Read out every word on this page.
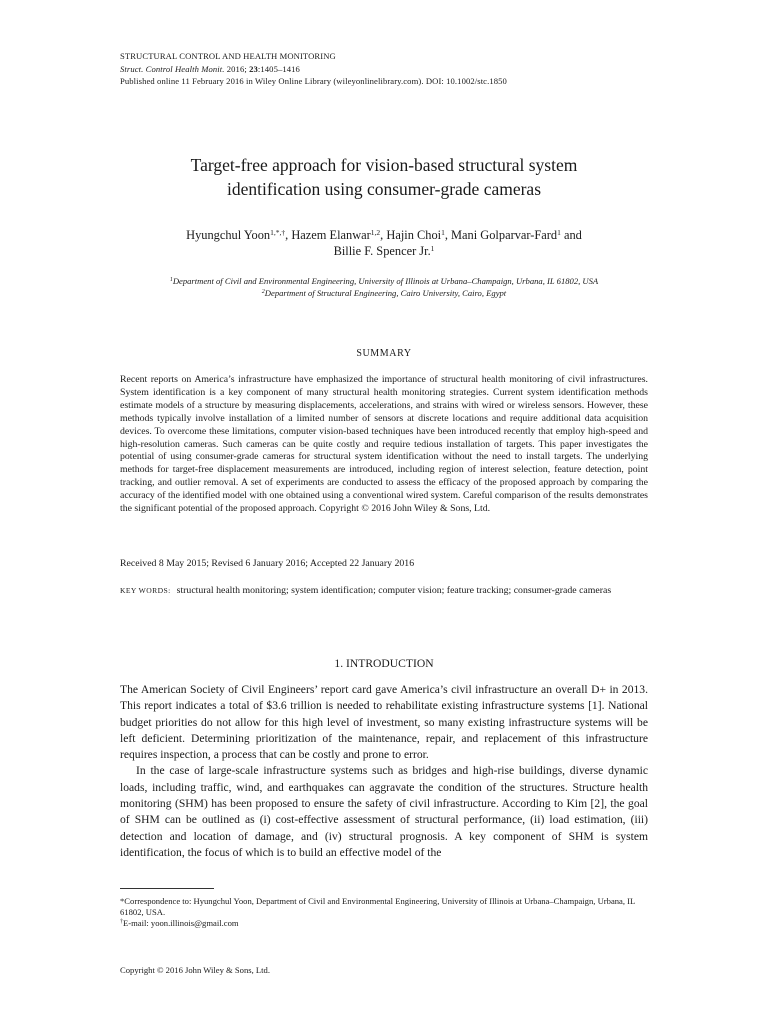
STRUCTURAL CONTROL AND HEALTH MONITORING
Struct. Control Health Monit. 2016; 23:1405–1416
Published online 11 February 2016 in Wiley Online Library (wileyonlinelibrary.com). DOI: 10.1002/stc.1850
Target-free approach for vision-based structural system
identification using consumer-grade cameras
Hyungchul Yoon$^{1,*,\dagger}$, Hazem Elanwar$^{1,2}$, Hajin Choi$^1$, Mani Golparvar-Fard$^1$ and
Billie F. Spencer Jr.$^1$
$^1$Department of Civil and Environmental Engineering, University of Illinois at Urbana–Champaign, Urbana, IL 61802, USA
$^2$Department of Structural Engineering, Cairo University, Cairo, Egypt
SUMMARY
Recent reports on America’s infrastructure have emphasized the importance of structural health monitoring of civil infrastructures. System identification is a key component of many structural health monitoring strategies. Current system identification methods estimate models of a structure by measuring displacements, accelerations, and strains with wired or wireless sensors. However, these methods typically involve installation of a limited number of sensors at discrete locations and require additional data acquisition devices. To overcome these limitations, computer vision-based techniques have been introduced recently that employ high-speed and high-resolution cameras. Such cameras can be quite costly and require tedious installation of targets. This paper investigates the potential of using consumer-grade cameras for structural system identification without the need to install targets. The underlying methods for target-free displacement measurements are introduced, including region of interest selection, feature detection, point tracking, and outlier removal. A set of experiments are conducted to assess the efficacy of the proposed approach by comparing the accuracy of the identified model with one obtained using a conventional wired system. Careful comparison of the results demonstrates the significant potential of the proposed approach. Copyright © 2016 John Wiley & Sons, Ltd.
Received 8 May 2015; Revised 6 January 2016; Accepted 22 January 2016
KEY WORDS: structural health monitoring; system identification; computer vision; feature tracking; consumer-grade cameras
1. INTRODUCTION

The American Society of Civil Engineers’ report card gave America’s civil infrastructure an overall D+ in 2013. This report indicates a total of $3.6 trillion is needed to rehabilitate existing infrastructure systems [1]. National budget priorities do not allow for this high level of investment, so many existing infrastructure systems will be left deficient. Determining prioritization of the maintenance, repair, and replacement of this infrastructure requires inspection, a process that can be costly and prone to error.

In the case of large-scale infrastructure systems such as bridges and high-rise buildings, diverse dynamic loads, including traffic, wind, and earthquakes can aggravate the condition of the structures. Structure health monitoring (SHM) has been proposed to ensure the safety of civil infrastructure. According to Kim [2], the goal of SHM can be outlined as (i) cost-effective assessment of structural performance, (ii) load estimation, (iii) detection and location of damage, and (iv) structural prognosis. A key component of SHM is system identification, the focus of which is to build an effective model of the

*Correspondence to: Hyungchul Yoon, Department of Civil and Environmental Engineering, University of Illinois at Urbana–Champaign, Urbana, IL 61802, USA.
†E-mail: yoon.illinois@gmail.com
Copyright © 2016 John Wiley & Sons, Ltd.
